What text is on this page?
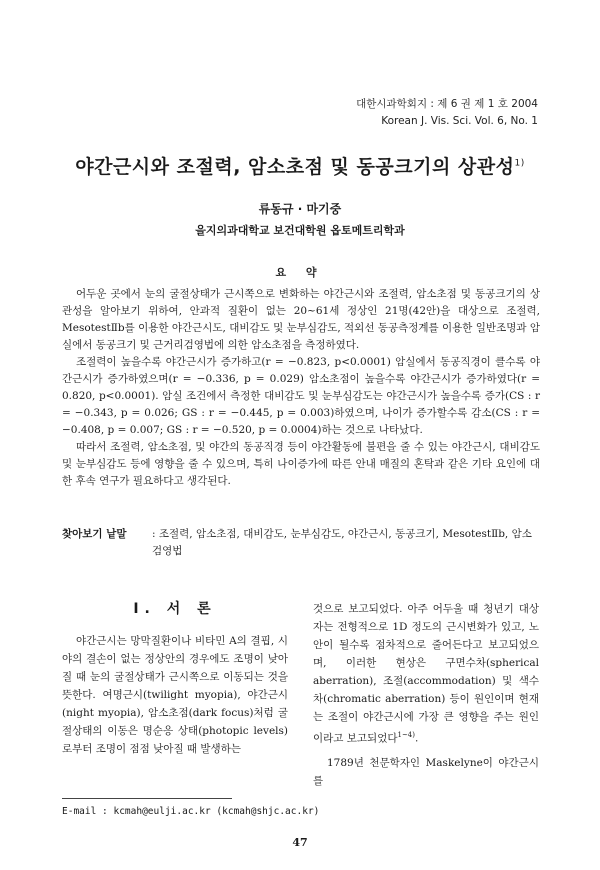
대한시과학회지 : 제 6 권 제 1 호 2004
Korean J. Vis. Sci. Vol. 6, No. 1
야간근시와 조절력, 암소초점 및 동공크기의 상관성$^{1)}$
류동규 · 마기중
을지의과대학교 보건대학원 옵토메트리학과
요 약

어두운 곳에서 눈의 굴절상태가 근시쪽으로 변화하는 야간근시와 조절력, 암소초점 및 동공크기의 상관성을 알아보기 위하여, 안과적 질환이 없는 20~61세 정상인 21명(42안)을 대상으로 조절력, MesotestⅡb를 이용한 야간근시도, 대비감도 및 눈부심감도, 적외선 동공측정계를 이용한 일반조명과 암실에서 동공크기 및 근거리검영법에 의한 암소초점을 측정하였다.

조절력이 높을수록 야간근시가 증가하고(r = −0.823, p<0.0001) 암실에서 동공직경이 클수록 야간근시가 증가하였으며(r = −0.336, p = 0.029) 암소초점이 높을수록 야간근시가 증가하였다(r = 0.820, p<0.0001). 암실 조건에서 측정한 대비감도 및 눈부심감도는 야간근시가 높을수록 증가(CS : r = −0.343, p = 0.026; GS : r = −0.445, p = 0.003)하였으며, 나이가 증가할수록 감소(CS : r = −0.408, p = 0.007; GS : r = −0.520, p = 0.0004)하는 것으로 나타났다.

따라서 조절력, 암소초점, 및 야간의 동공직경 등이 야간활동에 불편을 줄 수 있는 야간근시, 대비감도 및 눈부심감도 등에 영향을 줄 수 있으며, 특히 나이증가에 따른 안내 매질의 혼탁과 같은 기타 요인에 대한 후속 연구가 필요하다고 생각된다.

찾아보기 낱말	: 조절력, 암소초점, 대비감도, 눈부심감도, 야간근시, 동공크기, MesotestⅡb, 암소검영법
Ⅰ. 서 론

야간근시는 망막질환이나 비타민 A의 결핍, 시야의 결손이 없는 정상안의 경우에도 조명이 낮아질 때 눈의 굴절상태가 근시쪽으로 이동되는 것을 뜻한다. 여명근시(twilight myopia), 야간근시(night myopia), 암소초점(dark focus)처럼 굴절상태의 이동은 명순응 상태(photopic levels)로부터 조명이 점점 낮아질 때 발생하는

것으로 보고되었다. 아주 어두울 때 청년기 대상자는 전형적으로 1D 정도의 근시변화가 있고, 노안이 될수록 점차적으로 줄어든다고 보고되었으며, 이러한 현상은 구면수차(spherical aberration), 조절(accommodation) 및 색수차(chromatic aberration) 등이 원인이며 현재는 조절이 야간근시에 가장 큰 영향을 주는 원인이라고 보고되었다$^{1\sim 4)}$.

1789년 천문학자인 Maskelyne이 야간근시를

E-mail : kcmah@eulji.ac.kr (kcmah@shjc.ac.kr)
47
